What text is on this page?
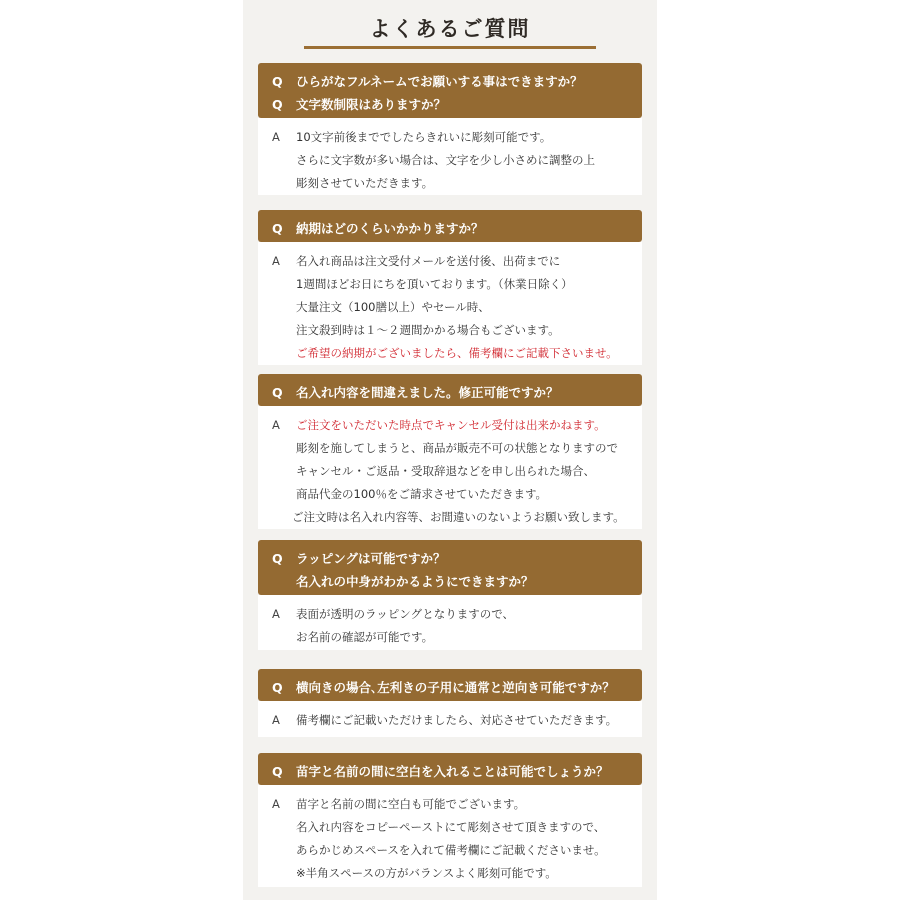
よくあるご質問
Q	ひらがなフルネームでお願いする事はできますか？
Q	文字数制限はありますか？
A	10文字前後まででしたらきれいに彫刻可能です。
さらに文字数が多い場合は、文字を少し小さめに調整の上
彫刻させていただきます。
Q	納期はどのくらいかかりますか？
A	名入れ商品は注文受付メールを送付後、出荷までに
1週間ほどお日にちを頂いております。（休業日除く）
大量注文（100膳以上）やセール時、
注文殺到時は１～２週間かかる場合もございます。
ご希望の納期がございましたら、備考欄にご記載下さいませ。
Q	名入れ内容を間違えました。修正可能ですか？
A	ご注文をいただいた時点でキャンセル受付は出来かねます。
彫刻を施してしまうと、商品が販売不可の状態となりますので
キャンセル・ご返品・受取辞退などを申し出られた場合、
商品代金の100％をご請求させていただきます。
ご注文時は名入れ内容等、お間違いのないようお願い致します。
Q	ラッピングは可能ですか？
名入れの中身がわかるようにできますか？
A	表面が透明のラッピングとなりますので、
お名前の確認が可能です。
Q	横向きの場合､左利きの子用に通常と逆向き可能ですか？
A	備考欄にご記載いただけましたら、対応させていただきます。
Q	苗字と名前の間に空白を入れることは可能でしょうか？
A	苗字と名前の間に空白も可能でございます。
名入れ内容をコピーペーストにて彫刻させて頂きますので、
あらかじめスペースを入れて備考欄にご記載くださいませ。
※半角スペースの方がバランスよく彫刻可能です。
